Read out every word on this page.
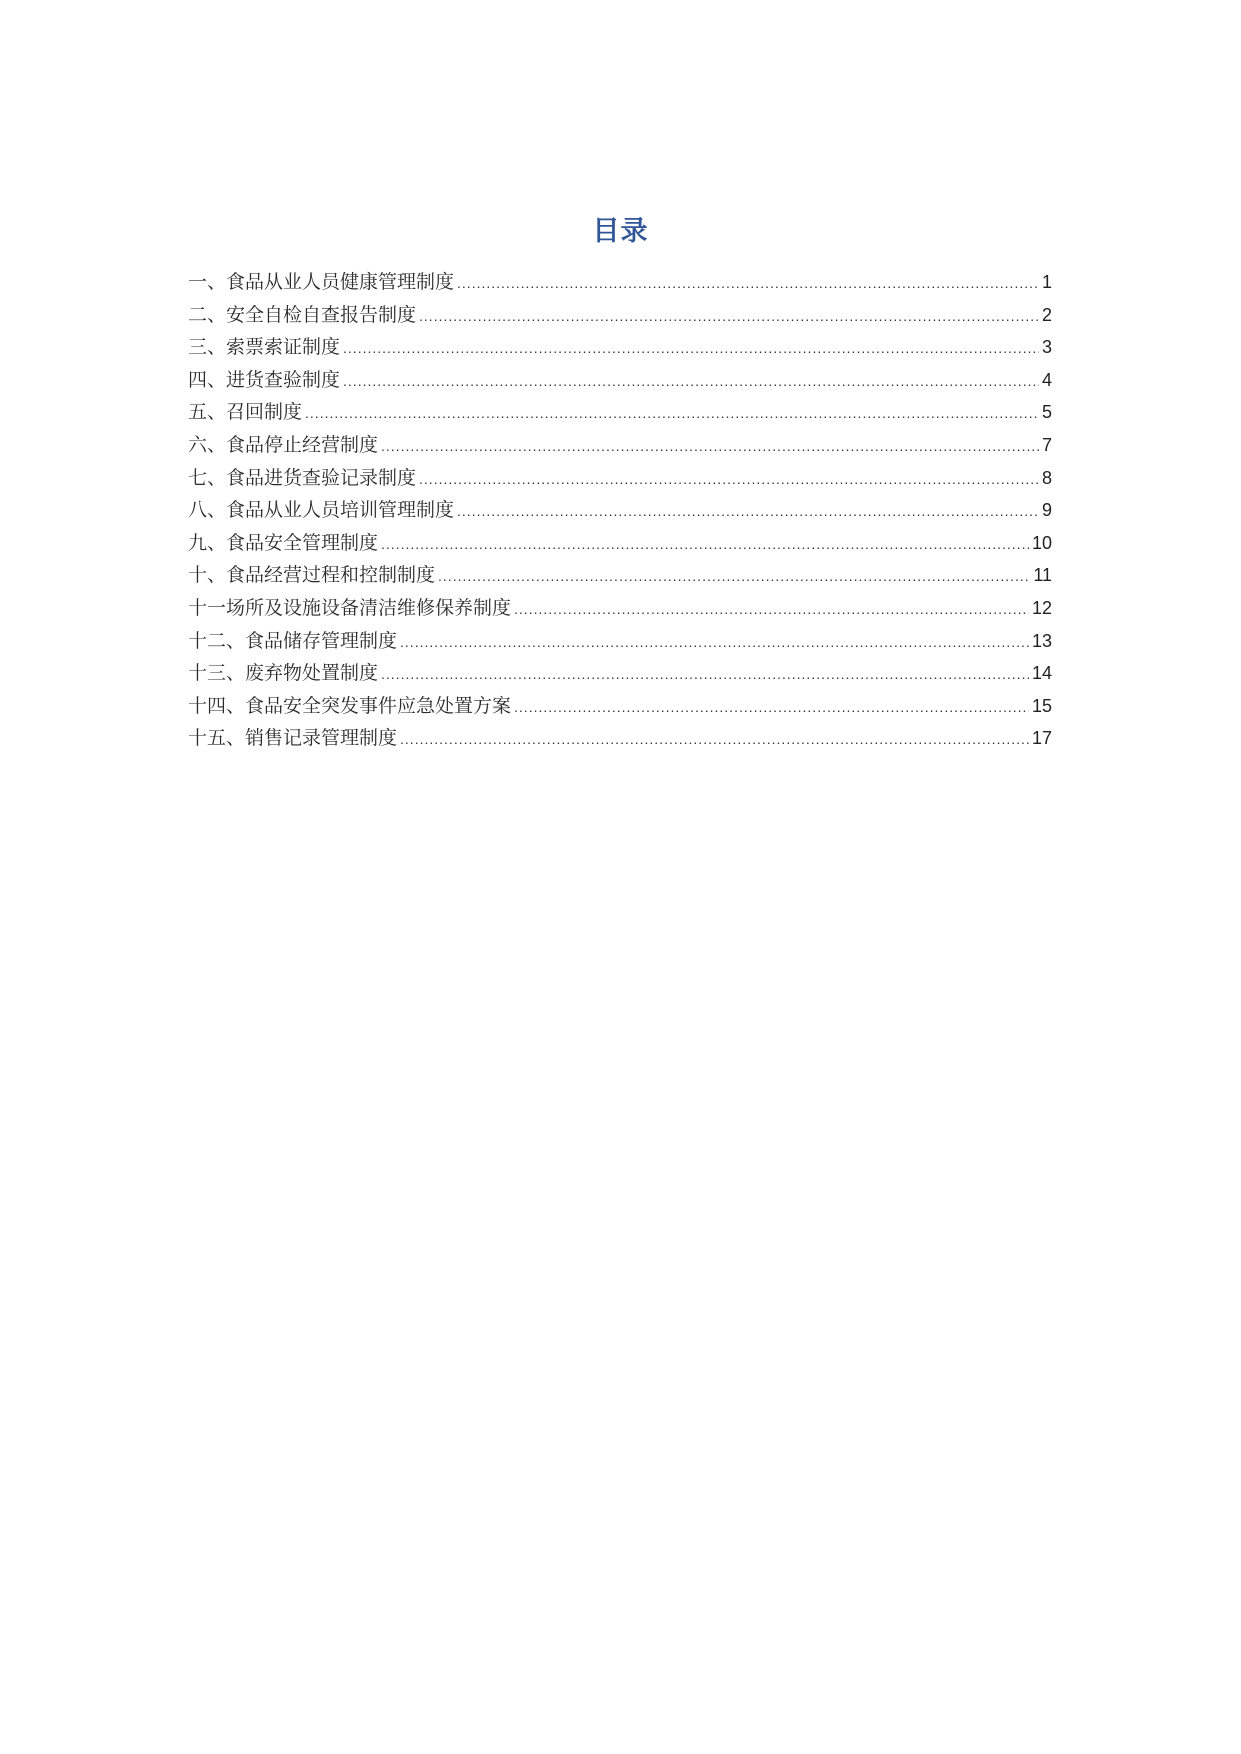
目录
一、 食品从业人员健康管理制度 .....	1
二、 安全自检自查报告制度 .....	2
三、 索票索证制度 .....	3
四、 进货查验制度 .....	4
五、 召回制度 .....	5
六、 食品停止经营制度 .....	7
七、 食品进货查验记录制度 .....	8
八、 食品从业人员培训管理制度 .....	9
九、 食品安全管理制度 .....	10
十、 食品经营过程和控制制度 .....	11
十一 场所及设施设备清洁维修保养制度 .....	12
十二、 食品储存管理制度 .....	13
十三、 废弃物处置制度 .....	14
十四、 食品安全突发事件应急处置方案 .....	15
十五、 销售记录管理制度 .....	17
